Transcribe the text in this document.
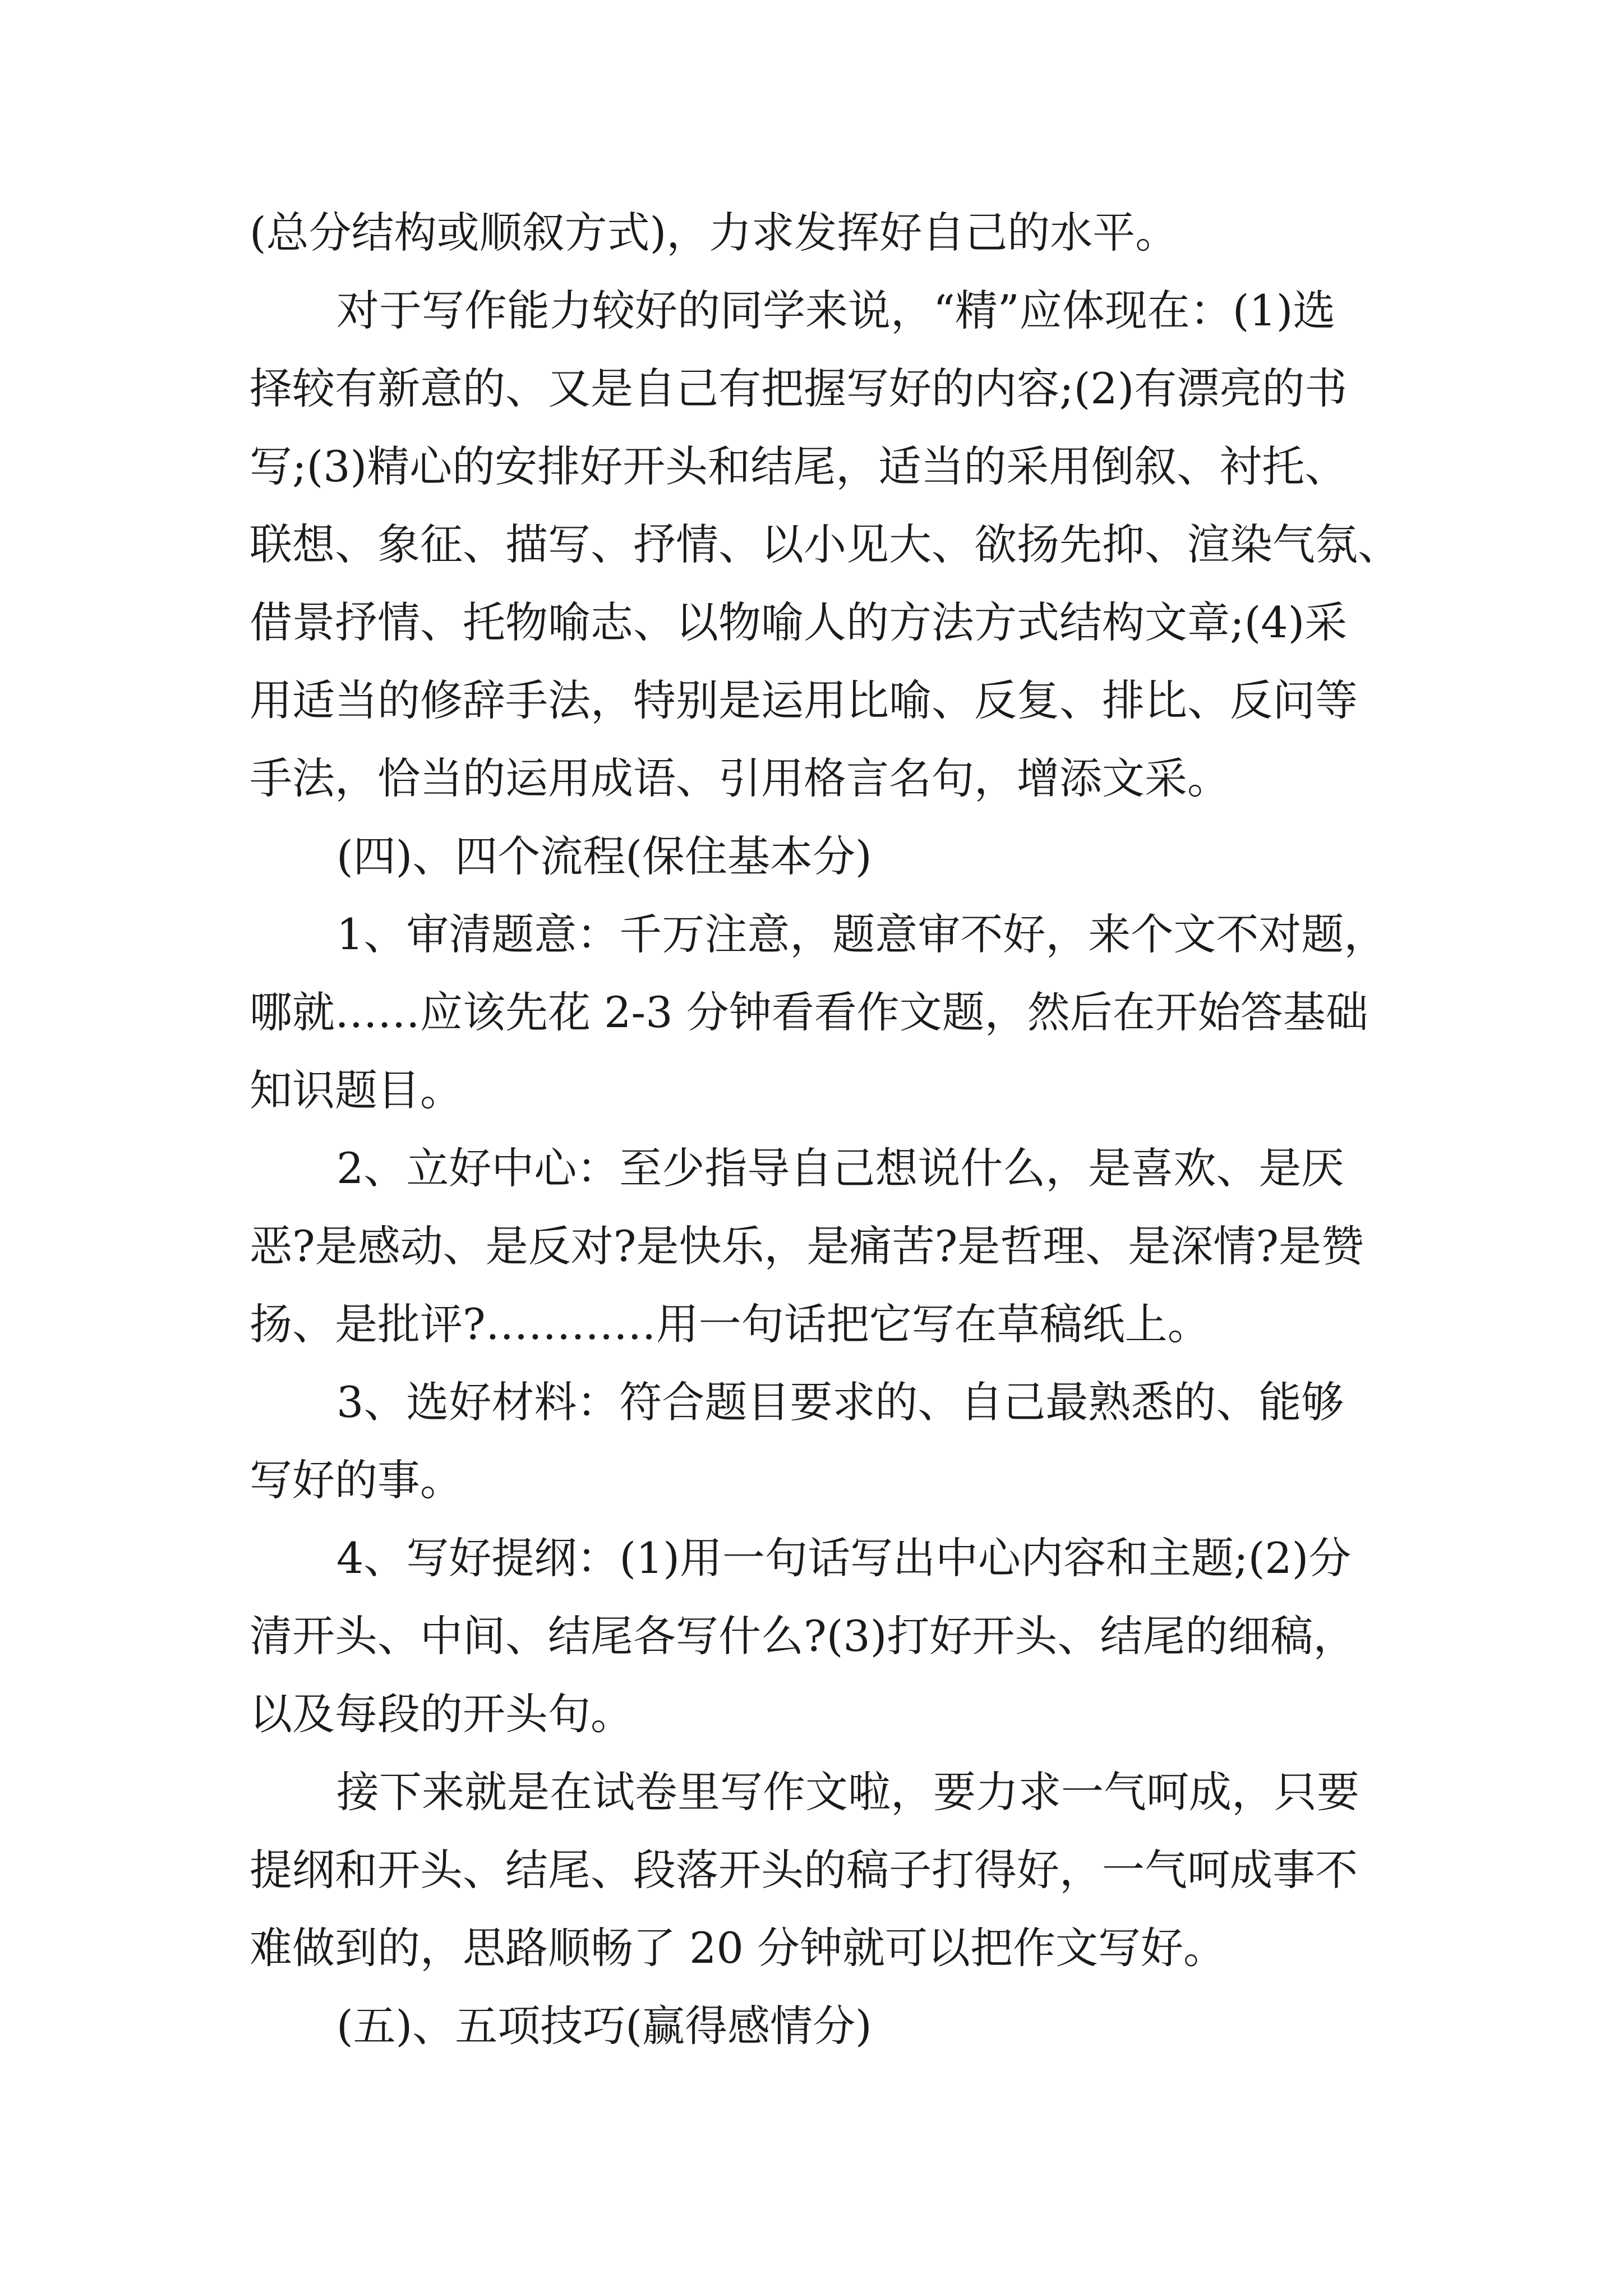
(总分结构或顺叙方式)，力求发挥好自己的水平。
对于写作能力较好的同学来说，“精”应体现在：(1)选
择较有新意的、又是自己有把握写好的内容;(2)有漂亮的书
写;(3)精心的安排好开头和结尾，适当的采用倒叙、衬托、
联想、象征、描写、抒情、以小见大、欲扬先抑、渲染气氛、
借景抒情、托物喻志、以物喻人的方法方式结构文章;(4)采
用适当的修辞手法，特别是运用比喻、反复、排比、反问等
手法，恰当的运用成语、引用格言名句，增添文采。
(四)、四个流程(保住基本分)
1、审清题意：千万注意，题意审不好，来个文不对题，
哪就……应该先花 2-3 分钟看看作文题，然后在开始答基础
知识题目。
2、立好中心：至少指导自己想说什么，是喜欢、是厌
恶?是感动、是反对?是快乐，是痛苦?是哲理、是深情?是赞
扬、是批评?…………用一句话把它写在草稿纸上。
3、选好材料：符合题目要求的、自己最熟悉的、能够
写好的事。
4、写好提纲：(1)用一句话写出中心内容和主题;(2)分
清开头、中间、结尾各写什么?(3)打好开头、结尾的细稿，
以及每段的开头句。
接下来就是在试卷里写作文啦，要力求一气呵成，只要
提纲和开头、结尾、段落开头的稿子打得好，一气呵成事不
难做到的，思路顺畅了 20 分钟就可以把作文写好。
(五)、五项技巧(赢得感情分)
